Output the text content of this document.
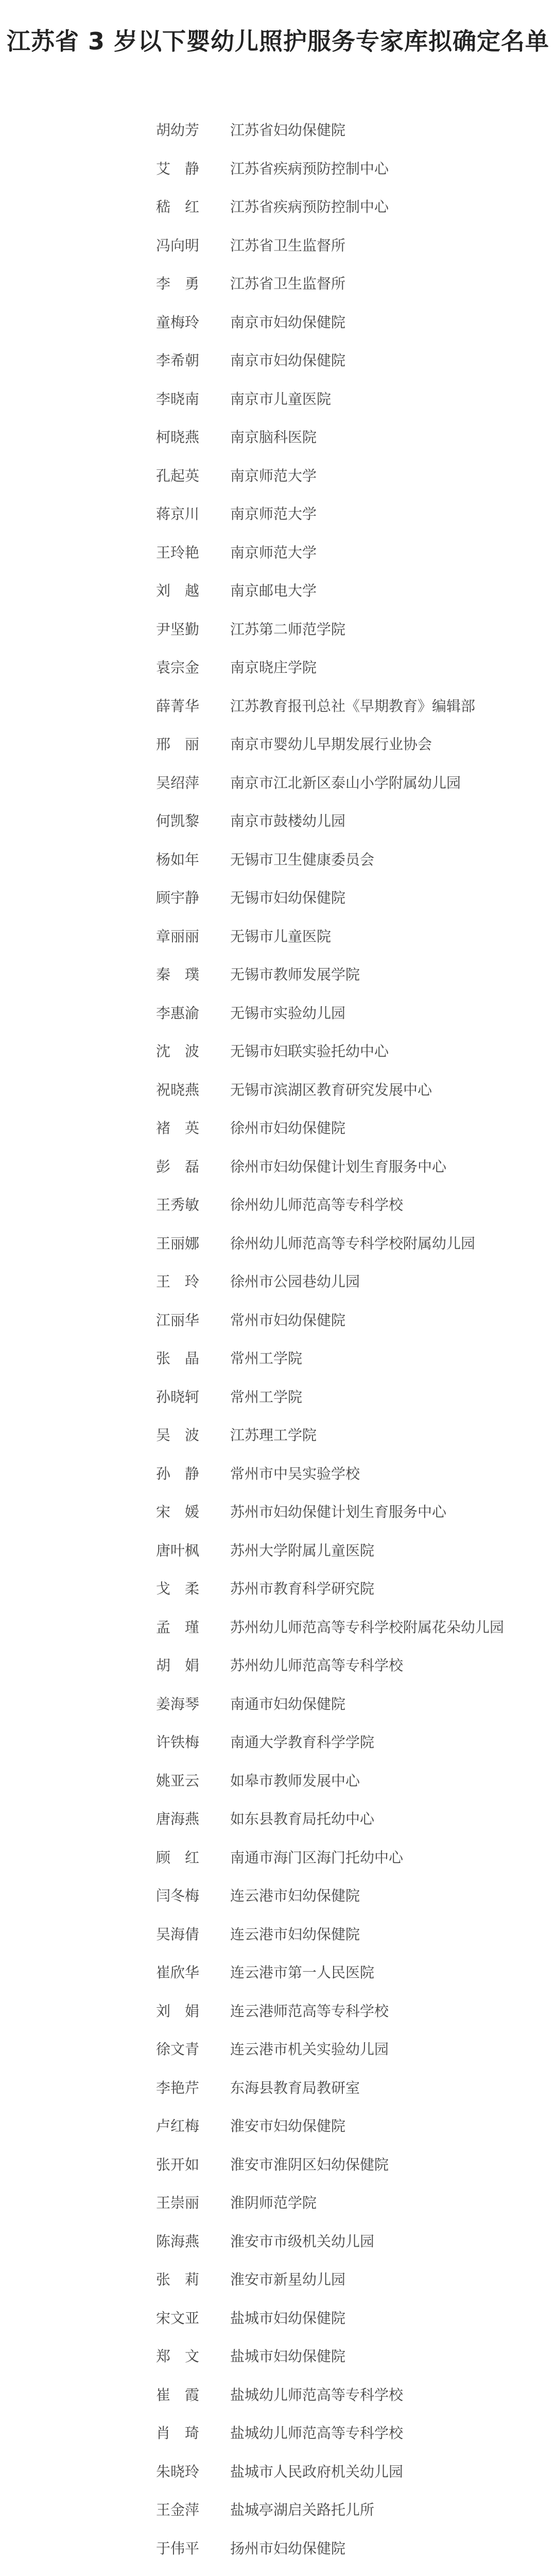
江苏省 3 岁以下婴幼儿照护服务专家库拟确定名单
胡幼芳	江苏省妇幼保健院
艾　静	江苏省疾病预防控制中心
嵇　红	江苏省疾病预防控制中心
冯向明	江苏省卫生监督所
李　勇	江苏省卫生监督所
童梅玲	南京市妇幼保健院
李希朝	南京市妇幼保健院
李晓南	南京市儿童医院
柯晓燕	南京脑科医院
孔起英	南京师范大学
蒋京川	南京师范大学
王玲艳	南京师范大学
刘　越	南京邮电大学
尹坚勤	江苏第二师范学院
袁宗金	南京晓庄学院
薛菁华	江苏教育报刊总社《早期教育》编辑部
邢　丽	南京市婴幼儿早期发展行业协会
吴绍萍	南京市江北新区泰山小学附属幼儿园
何凯黎	南京市鼓楼幼儿园
杨如年	无锡市卫生健康委员会
顾宇静	无锡市妇幼保健院
章丽丽	无锡市儿童医院
秦　璞	无锡市教师发展学院
李惠渝	无锡市实验幼儿园
沈　波	无锡市妇联实验托幼中心
祝晓燕	无锡市滨湖区教育研究发展中心
褚　英	徐州市妇幼保健院
彭　磊	徐州市妇幼保健计划生育服务中心
王秀敏	徐州幼儿师范高等专科学校
王丽娜	徐州幼儿师范高等专科学校附属幼儿园
王　玲	徐州市公园巷幼儿园
江丽华	常州市妇幼保健院
张　晶	常州工学院
孙晓轲	常州工学院
吴　波	江苏理工学院
孙　静	常州市中吴实验学校
宋　媛	苏州市妇幼保健计划生育服务中心
唐叶枫	苏州大学附属儿童医院
戈　柔	苏州市教育科学研究院
孟　瑾	苏州幼儿师范高等专科学校附属花朵幼儿园
胡　娟	苏州幼儿师范高等专科学校
姜海琴	南通市妇幼保健院
许铁梅	南通大学教育科学学院
姚亚云	如皋市教师发展中心
唐海燕	如东县教育局托幼中心
顾　红	南通市海门区海门托幼中心
闫冬梅	连云港市妇幼保健院
吴海倩	连云港市妇幼保健院
崔欣华	连云港市第一人民医院
刘　娟	连云港师范高等专科学校
徐文青	连云港市机关实验幼儿园
李艳芹	东海县教育局教研室
卢红梅	淮安市妇幼保健院
张开如	淮安市淮阴区妇幼保健院
王崇丽	淮阴师范学院
陈海燕	淮安市市级机关幼儿园
张　莉	淮安市新星幼儿园
宋文亚	盐城市妇幼保健院
郑　文	盐城市妇幼保健院
崔　霞	盐城幼儿师范高等专科学校
肖　琦	盐城幼儿师范高等专科学校
朱晓玲	盐城市人民政府机关幼儿园
王金萍	盐城亭湖启关路托儿所
于伟平	扬州市妇幼保健院
